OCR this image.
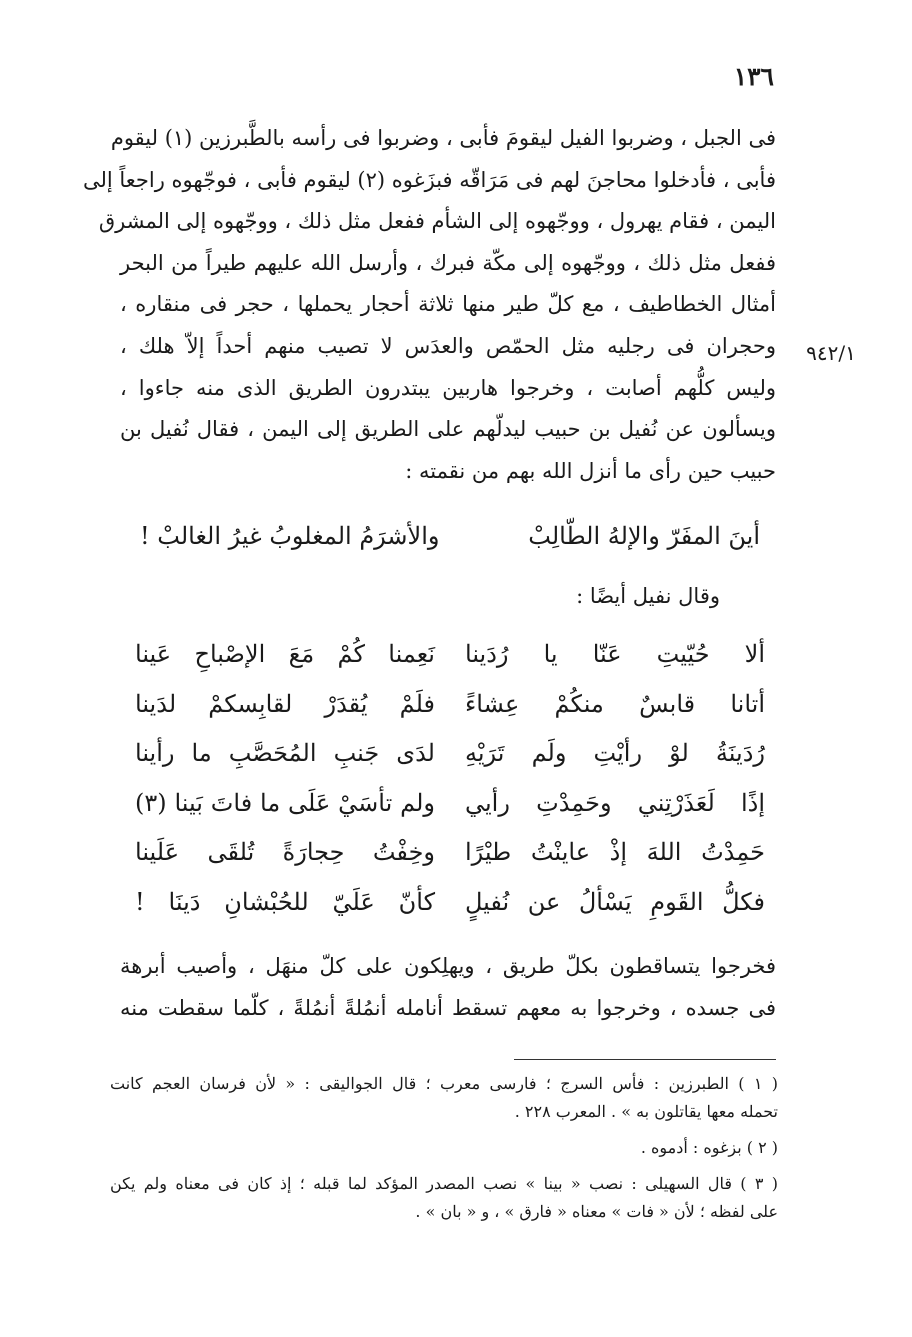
١٣٦
٩٤٢/١
فى الجبل ، وضربوا الفيل ليقومَ فأبى ، وضربوا فى رأسه بالطَّبرزين (١) ليقوم
فأبى ، فأدخلوا محاجنَ لهم فى مَرَاقّه فبزَغوه (٢) ليقوم فأبى ، فوجّهوه راجعاً إلى
اليمن ، فقام يهرول ، ووجّهوه إلى الشأم ففعل مثل ذلك ، ووجّهوه إلى المشرق
ففعل مثل ذلك ، ووجّهوه إلى مكّة فبرك ، وأرسل الله عليهم طيراً من البحر
أمثال الخطاطيف ، مع كلّ طير منها ثلاثة أحجار يحملها ، حجر فى منقاره ،
وحجران فى رجليه مثل الحمّص والعدَس لا تصيب منهم أحداً إلاّ هلك ،
وليس كلُّهم أصابت ، وخرجوا هاربين يبتدرون الطريق الذى منه جاءوا ،
ويسألون عن نُفيل بن حبيب ليدلّهم على الطريق إلى اليمن ، فقال نُفيل بن
حبيب حين رأى ما أنزل الله بهم من نقمته :
أينَ المفَرّ والإلهُ الطّالِبْ
والأشرَمُ المغلوبُ غيرُ الغالبْ !
وقال نفيل أيضًا :
ألا حُيّيتِ عَنّا يا رُدَينا
نَعِمنا كُمْ مَعَ الإصْباحِ عَينا
أتانا قابسٌ منكُمْ عِشاءً
فلَمْ يُقدَرْ لقابِسكمْ لدَينا
رُدَينَةُ لوْ رأيْتِ ولَم تَرَيْهِ
لدَى جَنبِ المُحَصَّبِ ما رأينا
إذًا لَعَذَرْتِني وحَمِدْتِ رأيي
ولم تأسَيْ عَلَى ما فاتَ بَينا (٣)
حَمِدْتُ اللهَ إذْ عاينْتُ طيْرًا
وخِفْتُ حِجارَةً تُلقَى عَلَينا
فكلُّ القَومِ يَسْألُ عن نُفيلٍ
كأنّ عَلَيّ للحُبْشانِ دَينَا !
فخرجوا يتساقطون بكلّ طريق ، ويهلِكون على كلّ منهَل ، وأصيب أبرهة
فى جسده ، وخرجوا به معهم تسقط أنامله أنمُلةً أنمُلةً ، كلّما سقطت منه
( ١ ) الطبرزين : فأس السرج ؛ فارسى معرب ؛ قال الجواليقى : « لأن فرسان العجم كانت
تحمله معها يقاتلون به » . المعرب ٢٢٨ .
( ٢ ) بزغوه : أدموه .
( ٣ ) قال السهيلى : نصب « بينا » نصب المصدر المؤكد لما قبله ؛ إذ كان فى معناه ولم يكن
على لفظه ؛ لأن « فات » معناه « فارق » ، و « بان » .
